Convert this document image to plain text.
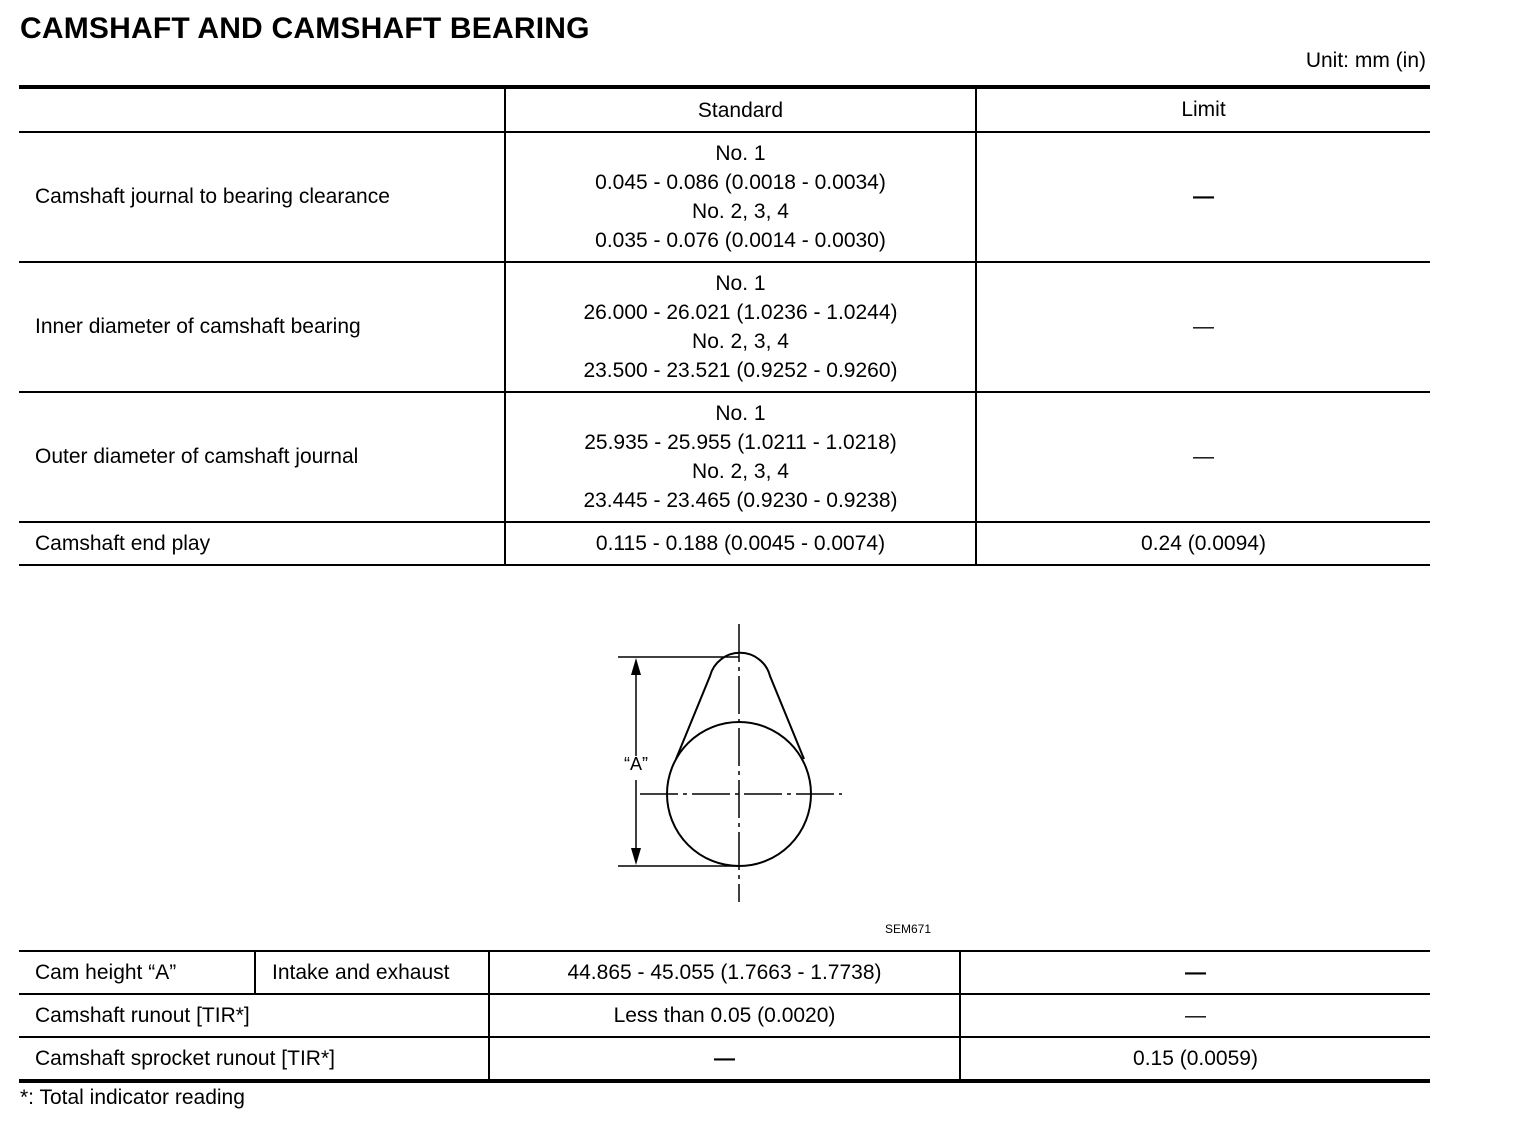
CAMSHAFT AND CAMSHAFT BEARING
Unit: mm (in)
	Standard	Limit
Camshaft journal to bearing clearance	No. 1
0.045 - 0.086 (0.0018 - 0.0034)
No. 2, 3, 4
0.035 - 0.076 (0.0014 - 0.0030)	—
Inner diameter of camshaft bearing	No. 1
26.000 - 26.021 (1.0236 - 1.0244)
No. 2, 3, 4
23.500 - 23.521 (0.9252 - 0.9260)	—
Outer diameter of camshaft journal	No. 1
25.935 - 25.955 (1.0211 - 1.0218)
No. 2, 3, 4
23.445 - 23.465 (0.9230 - 0.9238)	—
Camshaft end play	0.115 - 0.188 (0.0045 - 0.0074)	0.24 (0.0094)
“A”
SEM671
Cam height “A”	Intake and exhaust	44.865 - 45.055 (1.7663 - 1.7738)	—
Camshaft runout [TIR*]		Less than 0.05 (0.0020)	—
Camshaft sprocket runout [TIR*]		—	0.15 (0.0059)
*: Total indicator reading
